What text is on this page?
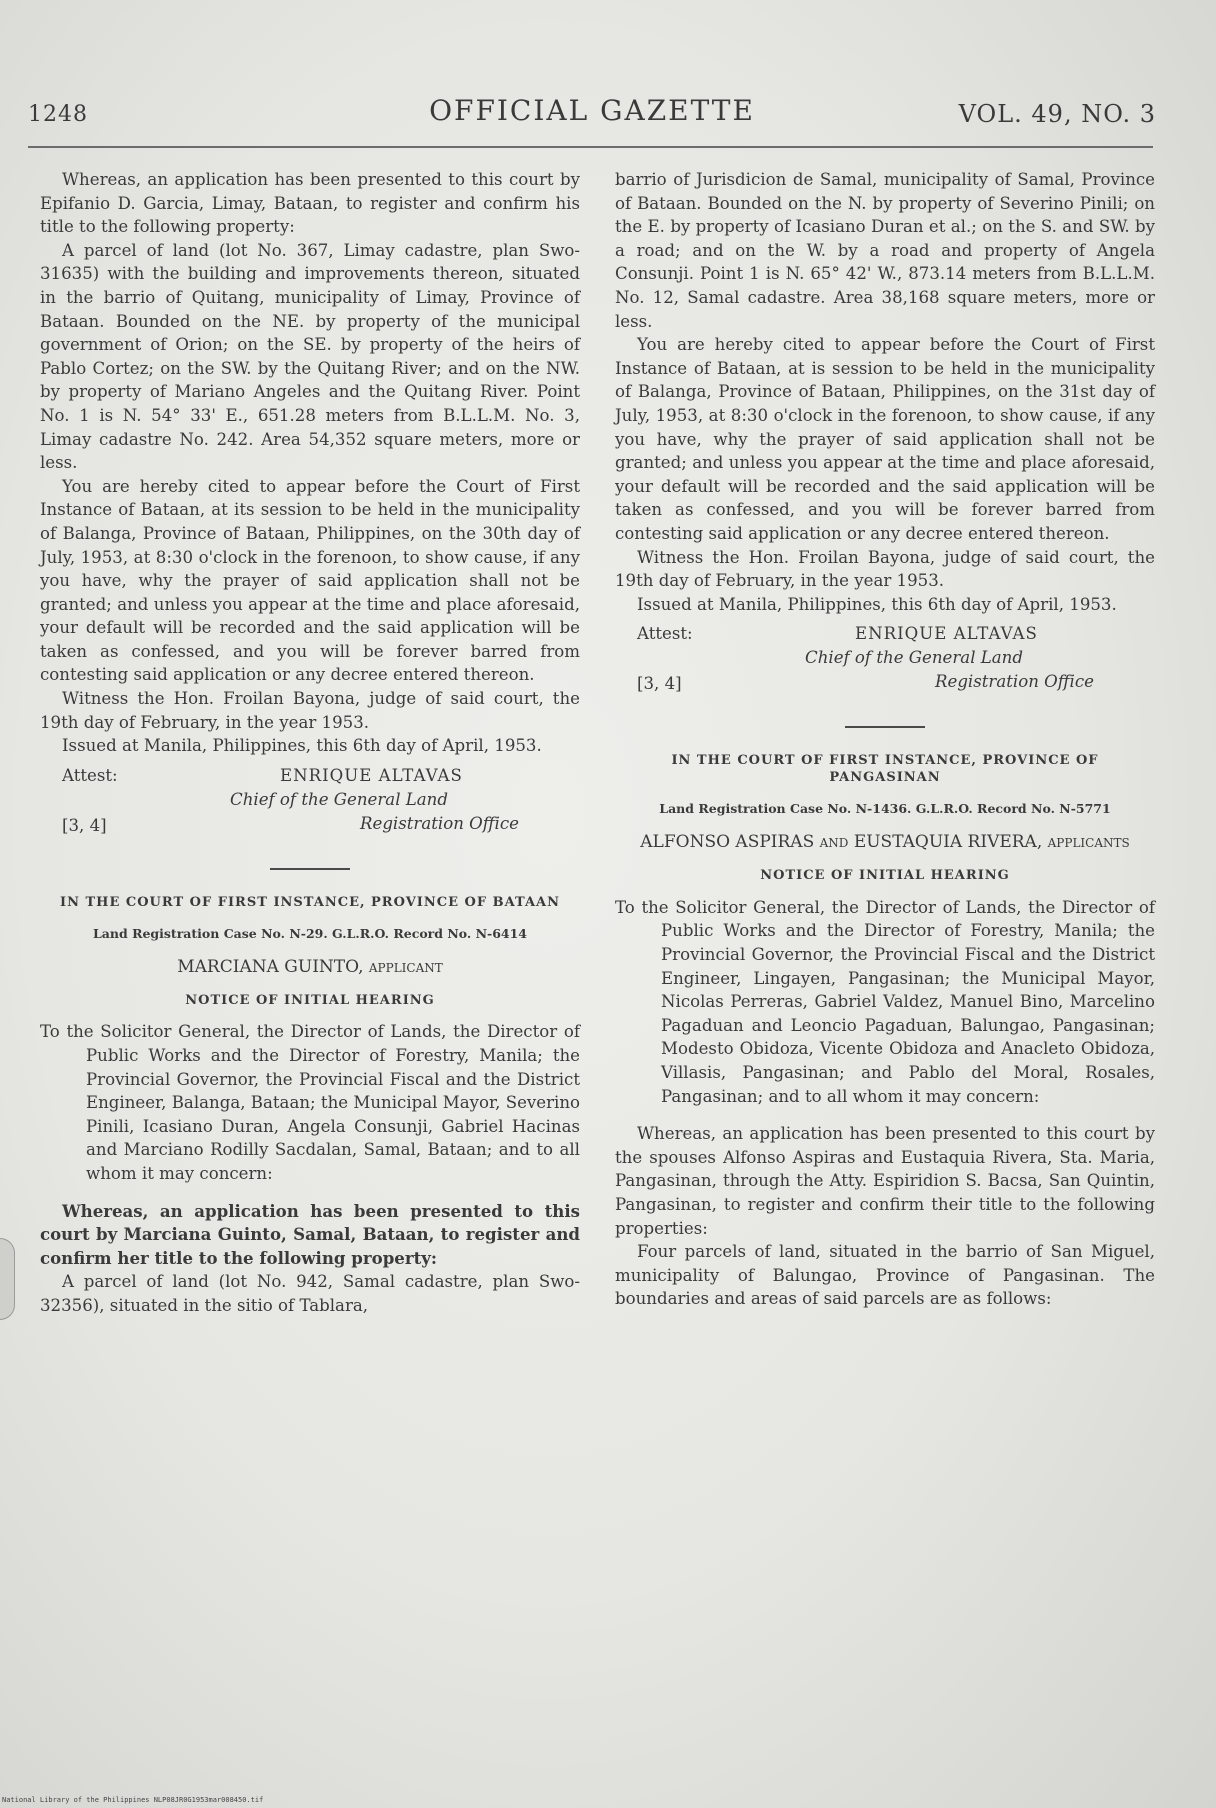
1248	OFFICIAL GAZETTE	VOL. 49, NO. 3

Whereas, an application has been presented to this court by Epifanio D. Garcia, Limay, Bataan, to register and confirm his title to the following property:

A parcel of land (lot No. 367, Limay cadastre, plan Swo-31635) with the building and improvements thereon, situated in the barrio of Quitang, municipality of Limay, Province of Bataan. Bounded on the NE. by property of the municipal government of Orion; on the SE. by property of the heirs of Pablo Cortez; on the SW. by the Quitang River; and on the NW. by property of Mariano Angeles and the Quitang River. Point No. 1 is N. 54° 33' E., 651.28 meters from B.L.L.M. No. 3, Limay cadastre No. 242. Area 54,352 square meters, more or less.

You are hereby cited to appear before the Court of First Instance of Bataan, at its session to be held in the municipality of Balanga, Province of Bataan, Philippines, on the 30th day of July, 1953, at 8:30 o'clock in the forenoon, to show cause, if any you have, why the prayer of said application shall not be granted; and unless you appear at the time and place aforesaid, your default will be recorded and the said application will be taken as confessed, and you will be forever barred from contesting said application or any decree entered thereon.

Witness the Hon. Froilan Bayona, judge of said court, the 19th day of February, in the year 1953.

Issued at Manila, Philippines, this 6th day of April, 1953.

Attest:	ENRIQUE ALTAVAS
Chief of the General Land
[3, 4]	Registration Office
IN THE COURT OF FIRST INSTANCE, PROVINCE OF BATAAN
Land Registration Case No. N-29. G.L.R.O. Record No. N-6414
MARCIANA GUINTO, applicant
NOTICE OF INITIAL HEARING

To the Solicitor General, the Director of Lands, the Director of Public Works and the Director of Forestry, Manila; the Provincial Governor, the Provincial Fiscal and the District Engineer, Balanga, Bataan; the Municipal Mayor, Severino Pinili, Icasiano Duran, Angela Consunji, Gabriel Hacinas and Marciano Rodilly Sacdalan, Samal, Bataan; and to all whom it may concern:

Whereas, an application has been presented to this court by Marciana Guinto, Samal, Bataan, to register and confirm her title to the following property:

A parcel of land (lot No. 942, Samal cadastre, plan Swo-32356), situated in the sitio of Tablara,

barrio of Jurisdicion de Samal, municipality of Samal, Province of Bataan. Bounded on the N. by property of Severino Pinili; on the E. by property of Icasiano Duran et al.; on the S. and SW. by a road; and on the W. by a road and property of Angela Consunji. Point 1 is N. 65° 42' W., 873.14 meters from B.L.L.M. No. 12, Samal cadastre. Area 38,168 square meters, more or less.

You are hereby cited to appear before the Court of First Instance of Bataan, at is session to be held in the municipality of Balanga, Province of Bataan, Philippines, on the 31st day of July, 1953, at 8:30 o'clock in the forenoon, to show cause, if any you have, why the prayer of said application shall not be granted; and unless you appear at the time and place aforesaid, your default will be recorded and the said application will be taken as confessed, and you will be forever barred from contesting said application or any decree entered thereon.

Witness the Hon. Froilan Bayona, judge of said court, the 19th day of February, in the year 1953.

Issued at Manila, Philippines, this 6th day of April, 1953.

Attest:	ENRIQUE ALTAVAS
Chief of the General Land
[3, 4]	Registration Office
IN THE COURT OF FIRST INSTANCE, PROVINCE OF PANGASINAN
Land Registration Case No. N-1436. G.L.R.O. Record No. N-5771
ALFONSO ASPIRAS and EUSTAQUIA RIVERA, applicants
NOTICE OF INITIAL HEARING

To the Solicitor General, the Director of Lands, the Director of Public Works and the Director of Forestry, Manila; the Provincial Governor, the Provincial Fiscal and the District Engineer, Lingayen, Pangasinan; the Municipal Mayor, Nicolas Perreras, Gabriel Valdez, Manuel Bino, Marcelino Pagaduan and Leoncio Pagaduan, Balungao, Pangasinan; Modesto Obidoza, Vicente Obidoza and Anacleto Obidoza, Villasis, Pangasinan; and Pablo del Moral, Rosales, Pangasinan; and to all whom it may concern:

Whereas, an application has been presented to this court by the spouses Alfonso Aspiras and Eustaquia Rivera, Sta. Maria, Pangasinan, through the Atty. Espiridion S. Bacsa, San Quintin, Pangasinan, to register and confirm their title to the following properties:

Four parcels of land, situated in the barrio of San Miguel, municipality of Balungao, Province of Pangasinan. The boundaries and areas of said parcels are as follows:

National Library of the Philippines NLP08JR0G1953mar008450.tif
